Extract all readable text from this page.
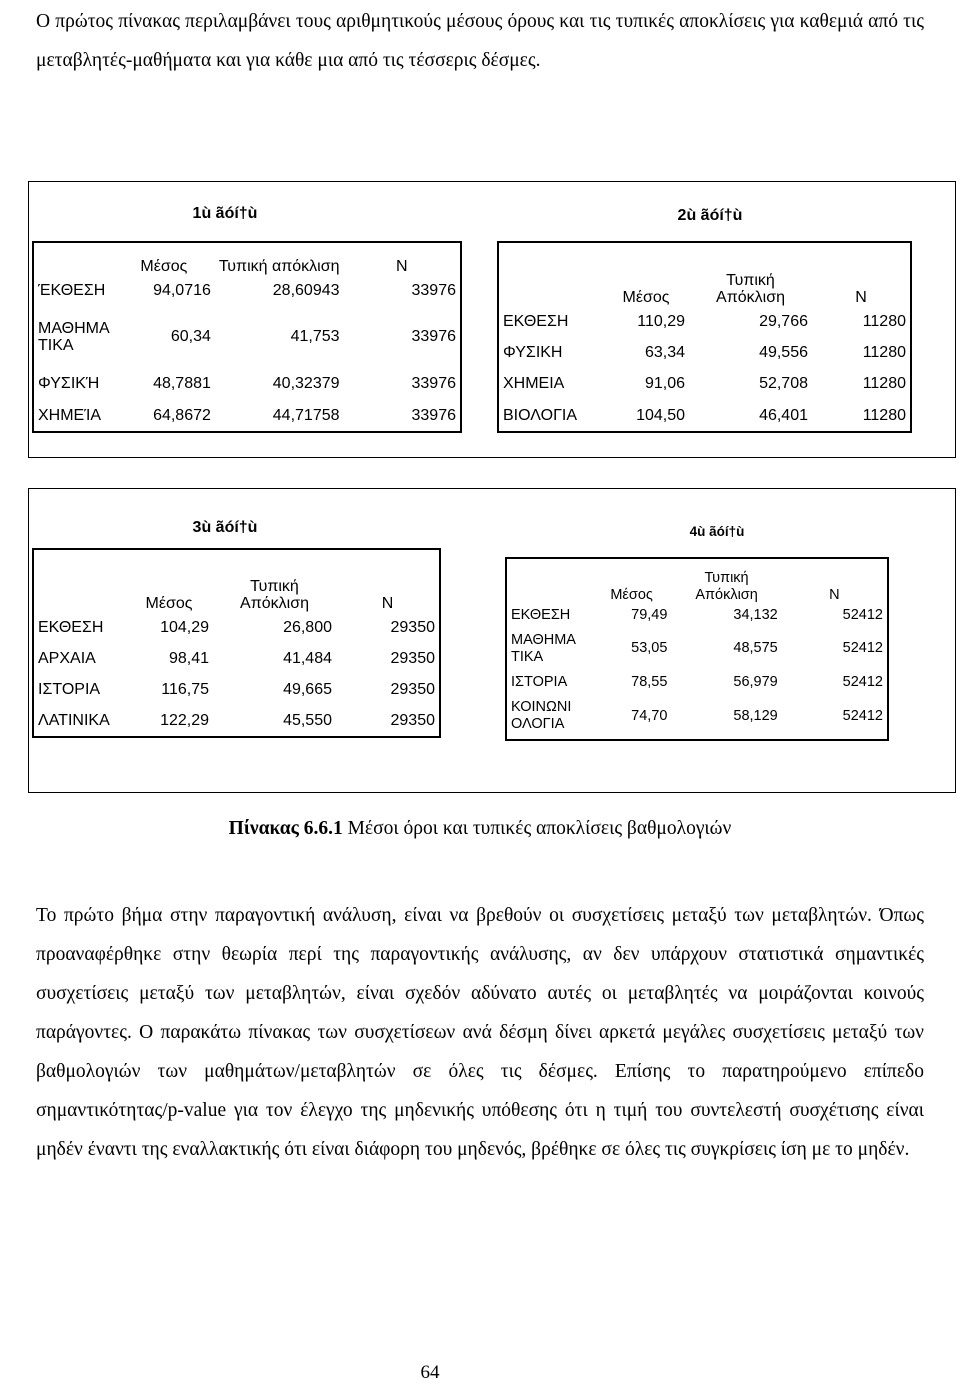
Ο πρώτος πίνακας περιλαμβάνει τους αριθμητικούς μέσους όρους και τις τυπικές αποκλίσεις για καθεμιά από τις μεταβλητές-μαθήματα και για κάθε μια από τις τέσσερις δέσμες.
1ù ãóí†ù	2ù ãóí†ù
3ù ãóí†ù	4ù ãóí†ù
	Μέσος	Τυπική απόκλιση	N
ΈΚΘΕΣΗ	94,0716	28,60943	33976
ΜΑΘΗΜΑ ΤΙΚΑ	60,34	41,753	33976
ΦΥΣΙΚΉ	48,7881	40,32379	33976
ΧΗΜΕΊΑ	64,8672	44,71758	33976
	Μέσος	Τυπική Απόκλιση	N
ΕΚΘΕΣΗ	110,29	29,766	11280
ΦΥΣΙΚΗ	63,34	49,556	11280
ΧΗΜΕΙΑ	91,06	52,708	11280
ΒΙΟΛΟΓΙΑ	104,50	46,401	11280
	Μέσος	Τυπική Απόκλιση	N
ΕΚΘΕΣΗ	104,29	26,800	29350
ΑΡΧΑΙΑ	98,41	41,484	29350
ΙΣΤΟΡΙΑ	116,75	49,665	29350
ΛΑΤΙΝΙΚΑ	122,29	45,550	29350
	Μέσος	Τυπική Απόκλιση	N
ΕΚΘΕΣΗ	79,49	34,132	52412
ΜΑΘΗΜΑ ΤΙΚΑ	53,05	48,575	52412
ΙΣΤΟΡΙΑ	78,55	56,979	52412
ΚΟΙΝΩΝΙ ΟΛΟΓΙΑ	74,70	58,129	52412
Πίνακας 6.6.1 Μέσοι όροι και τυπικές αποκλίσεις βαθμολογιών
Το πρώτο βήμα στην παραγοντική ανάλυση, είναι να βρεθούν οι συσχετίσεις μεταξύ των μεταβλητών. Όπως προαναφέρθηκε στην θεωρία περί της παραγοντικής ανάλυσης, αν δεν υπάρχουν στατιστικά σημαντικές συσχετίσεις μεταξύ των μεταβλητών, είναι σχεδόν αδύνατο αυτές οι μεταβλητές να μοιράζονται κοινούς παράγοντες. Ο παρακάτω πίνακας των συσχετίσεων ανά δέσμη δίνει αρκετά μεγάλες συσχετίσεις μεταξύ των βαθμολογιών των μαθημάτων/μεταβλητών σε όλες τις δέσμες. Επίσης το παρατηρούμενο επίπεδο σημαντικότητας/p-value για τον έλεγχο της μηδενικής υπόθεσης ότι η τιμή του συντελεστή συσχέτισης είναι μηδέν έναντι της εναλλακτικής ότι είναι διάφορη του μηδενός, βρέθηκε σε όλες τις συγκρίσεις ίση με το μηδέν.
64
